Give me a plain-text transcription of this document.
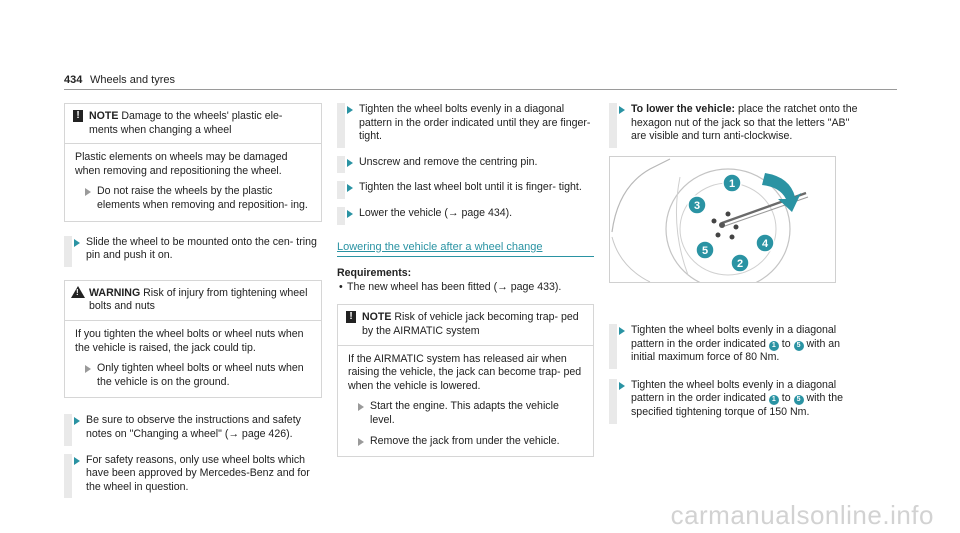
434 Wheels and tyres
! NOTE Damage to the wheels' plastic ele- ments when changing a wheel
Plastic elements on wheels may be damaged when removing and repositioning the wheel.
Do not raise the wheels by the plastic elements when removing and reposition- ing.
Slide the wheel to be mounted onto the cen- tring pin and push it on.
! WARNING Risk of injury from tightening wheel bolts and nuts
If you tighten the wheel bolts or wheel nuts when the vehicle is raised, the jack could tip.
Only tighten wheel bolts or wheel nuts when the vehicle is on the ground.
Be sure to observe the instructions and safety notes on "Changing a wheel" (→ page 426).
For safety reasons, only use wheel bolts which have been approved by Mercedes-Benz and for the wheel in question.
Tighten the wheel bolts evenly in a diagonal pattern in the order indicated until they are finger-tight.
Unscrew and remove the centring pin.
Tighten the last wheel bolt until it is finger- tight.
Lower the vehicle (→ page 434).
Lowering the vehicle after a wheel change
Requirements:
• The new wheel has been fitted (→ page 433).
! NOTE Risk of vehicle jack becoming trap- ped by the AIRMATIC system
If the AIRMATIC system has released air when raising the vehicle, the jack can become trap- ped when the vehicle is lowered.
Start the engine. This adapts the vehicle level.
Remove the jack from under the vehicle.
To lower the vehicle: place the ratchet onto the hexagon nut of the jack so that the letters "AB" are visible and turn anti-clockwise.
1
2
3
4
5
Tighten the wheel bolts evenly in a diagonal pattern in the order indicated 1 to 5 with an initial maximum force of 80 Nm.
Tighten the wheel bolts evenly in a diagonal pattern in the order indicated 1 to 5 with the specified tightening torque of 150 Nm.
carmanualsonline.info
